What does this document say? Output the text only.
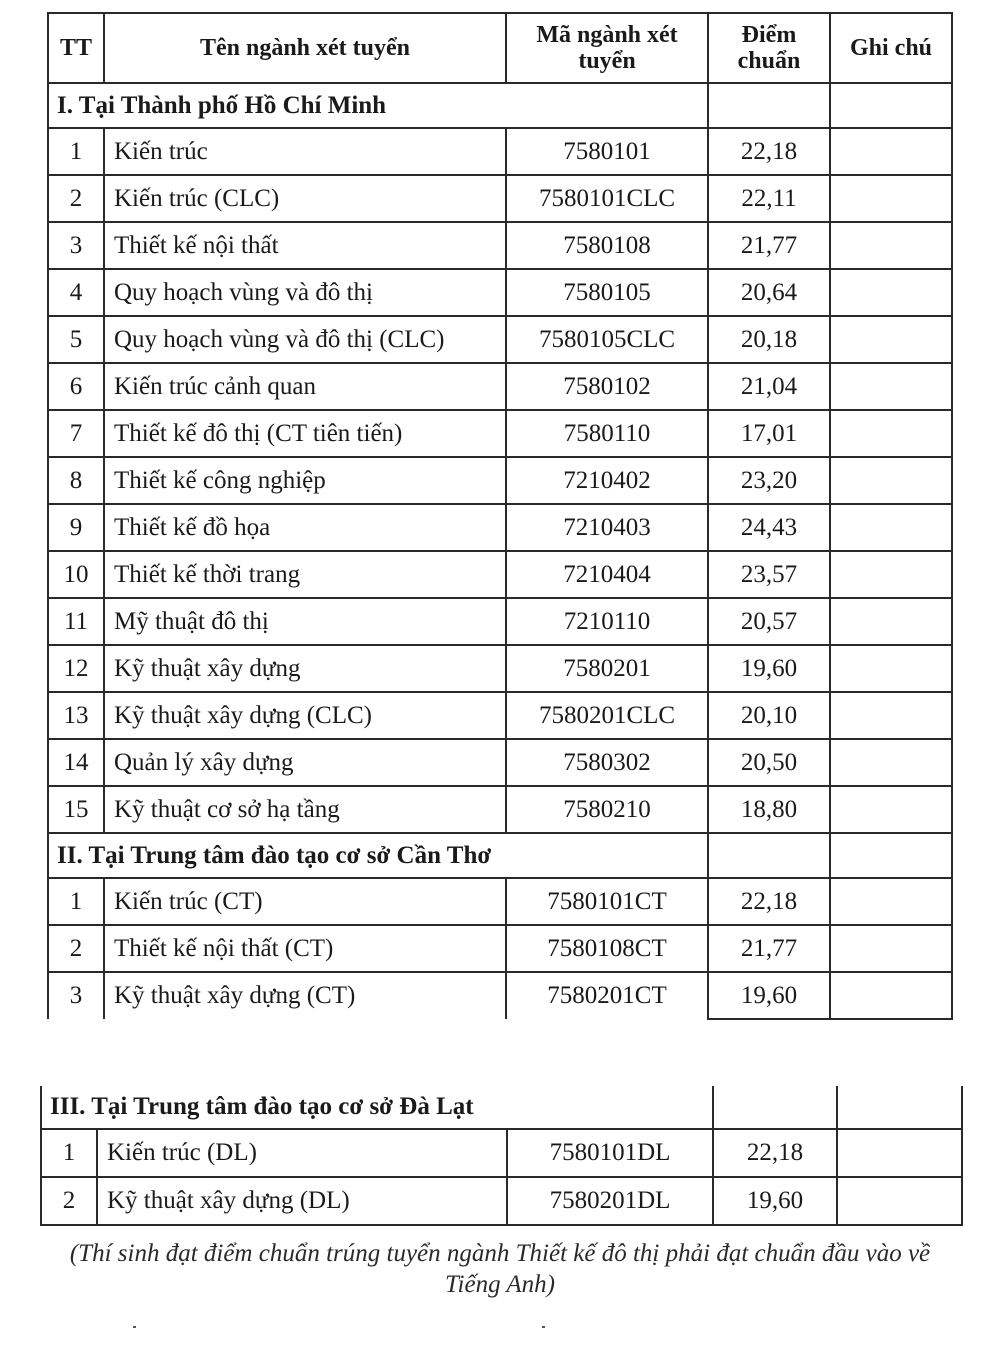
TT	Tên ngành xét tuyển	Mã ngành xét tuyển	Điểm chuẩn	Ghi chú
I. Tại Thành phố Hồ Chí Minh				
1	Kiến trúc	7580101	22,18	
2	Kiến trúc (CLC)	7580101CLC	22,11	
3	Thiết kế nội thất	7580108	21,77	
4	Quy hoạch vùng và đô thị	7580105	20,64	
5	Quy hoạch vùng và đô thị (CLC)	7580105CLC	20,18	
6	Kiến trúc cảnh quan	7580102	21,04	
7	Thiết kế đô thị (CT tiên tiến)	7580110	17,01	
8	Thiết kế công nghiệp	7210402	23,20	
9	Thiết kế đồ họa	7210403	24,43	
10	Thiết kế thời trang	7210404	23,57	
11	Mỹ thuật đô thị	7210110	20,57	
12	Kỹ thuật xây dựng	7580201	19,60	
13	Kỹ thuật xây dựng (CLC)	7580201CLC	20,10	
14	Quản lý xây dựng	7580302	20,50	
15	Kỹ thuật cơ sở hạ tầng	7580210	18,80	
II. Tại Trung tâm đào tạo cơ sở Cần Thơ				
1	Kiến trúc (CT)	7580101CT	22,18	
2	Thiết kế nội thất (CT)	7580108CT	21,77	
3	Kỹ thuật xây dựng (CT)	7580201CT	19,60	
III. Tại Trung tâm đào tạo cơ sở Đà Lạt				
1	Kiến trúc (DL)	7580101DL	22,18	
2	Kỹ thuật xây dựng (DL)	7580201DL	19,60	
(Thí sinh đạt điểm chuẩn trúng tuyển ngành Thiết kế đô thị phải đạt chuẩn đầu vào về Tiếng Anh)
